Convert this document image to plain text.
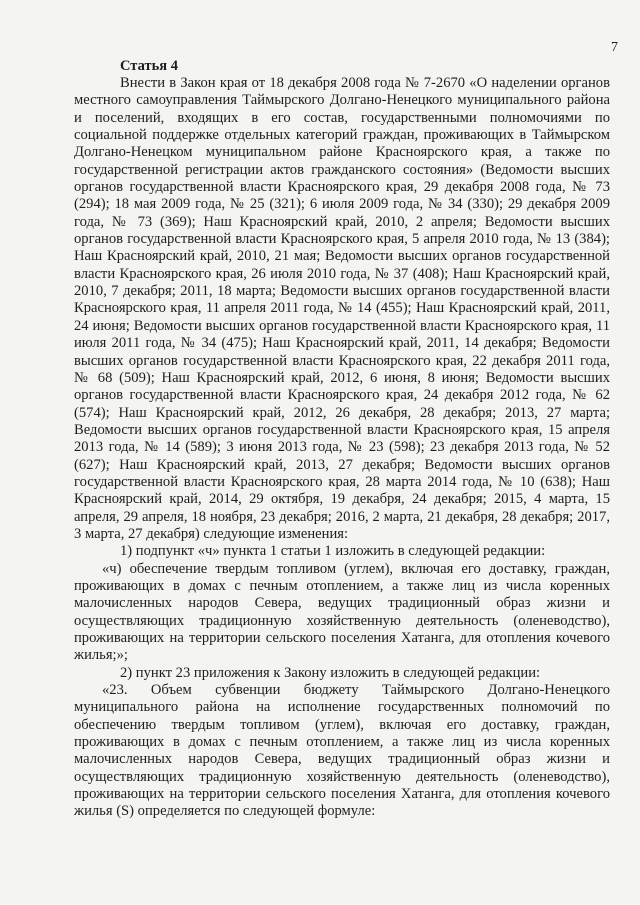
7
Статья 4

Внести в Закон края от 18 декабря 2008 года № 7-2670 «О наделении органов местного самоуправления Таймырского Долгано-Ненецкого муниципального района и поселений, входящих в его состав, государственными полномочиями по социальной поддержке отдельных категорий граждан, проживающих в Таймырском Долгано-Ненецком муниципальном районе Красноярского края, а также по государственной регистрации актов гражданского состояния» (Ведомости высших органов государственной власти Красноярского края, 29 декабря 2008 года, № 73 (294); 18 мая 2009 года, № 25 (321); 6 июля 2009 года, № 34 (330); 29 декабря 2009 года, № 73 (369); Наш Красноярский край, 2010, 2 апреля; Ведомости высших органов государственной власти Красноярского края, 5 апреля 2010 года, № 13 (384); Наш Красноярский край, 2010, 21 мая; Ведомости высших органов государственной власти Красноярского края, 26 июля 2010 года, № 37 (408); Наш Красноярский край, 2010, 7 декабря; 2011, 18 марта; Ведомости высших органов государственной власти Красноярского края, 11 апреля 2011 года, № 14 (455); Наш Красноярский край, 2011, 24 июня; Ведомости высших органов государственной власти Красноярского края, 11 июля 2011 года, № 34 (475); Наш Красноярский край, 2011, 14 декабря; Ведомости высших органов государственной власти Красноярского края, 22 декабря 2011 года, № 68 (509); Наш Красноярский край, 2012, 6 июня, 8 июня; Ведомости высших органов государственной власти Красноярского края, 24 декабря 2012 года, № 62 (574); Наш Красноярский край, 2012, 26 декабря, 28 декабря; 2013, 27 марта; Ведомости высших органов государственной власти Красноярского края, 15 апреля 2013 года, № 14 (589); 3 июня 2013 года, № 23 (598); 23 декабря 2013 года, № 52 (627); Наш Красноярский край, 2013, 27 декабря; Ведомости высших органов государственной власти Красноярского края, 28 марта 2014 года, № 10 (638); Наш Красноярский край, 2014, 29 октября, 19 декабря, 24 декабря; 2015, 4 марта, 15 апреля, 29 апреля, 18 ноября, 23 декабря; 2016, 2 марта, 21 декабря, 28 декабря; 2017, 3 марта, 27 декабря) следующие изменения:

1) подпункт «ч» пункта 1 статьи 1 изложить в следующей редакции:

«ч) обеспечение твердым топливом (углем), включая его доставку, граждан, проживающих в домах с печным отоплением, а также лиц из числа коренных малочисленных народов Севера, ведущих традиционный образ жизни и осуществляющих традиционную хозяйственную деятельность (оленеводство), проживающих на территории сельского поселения Хатанга, для отопления кочевого жилья;»;

2) пункт 23 приложения к Закону изложить в следующей редакции:

«23. Объем субвенции бюджету Таймырского Долгано-Ненецкого муниципального района на исполнение государственных полномочий по обеспечению твердым топливом (углем), включая его доставку, граждан, проживающих в домах с печным отоплением, а также лиц из числа коренных малочисленных народов Севера, ведущих традиционный образ жизни и осуществляющих традиционную хозяйственную деятельность (оленеводство), проживающих на территории сельского поселения Хатанга, для отопления кочевого жилья (S) определяется по следующей формуле:
